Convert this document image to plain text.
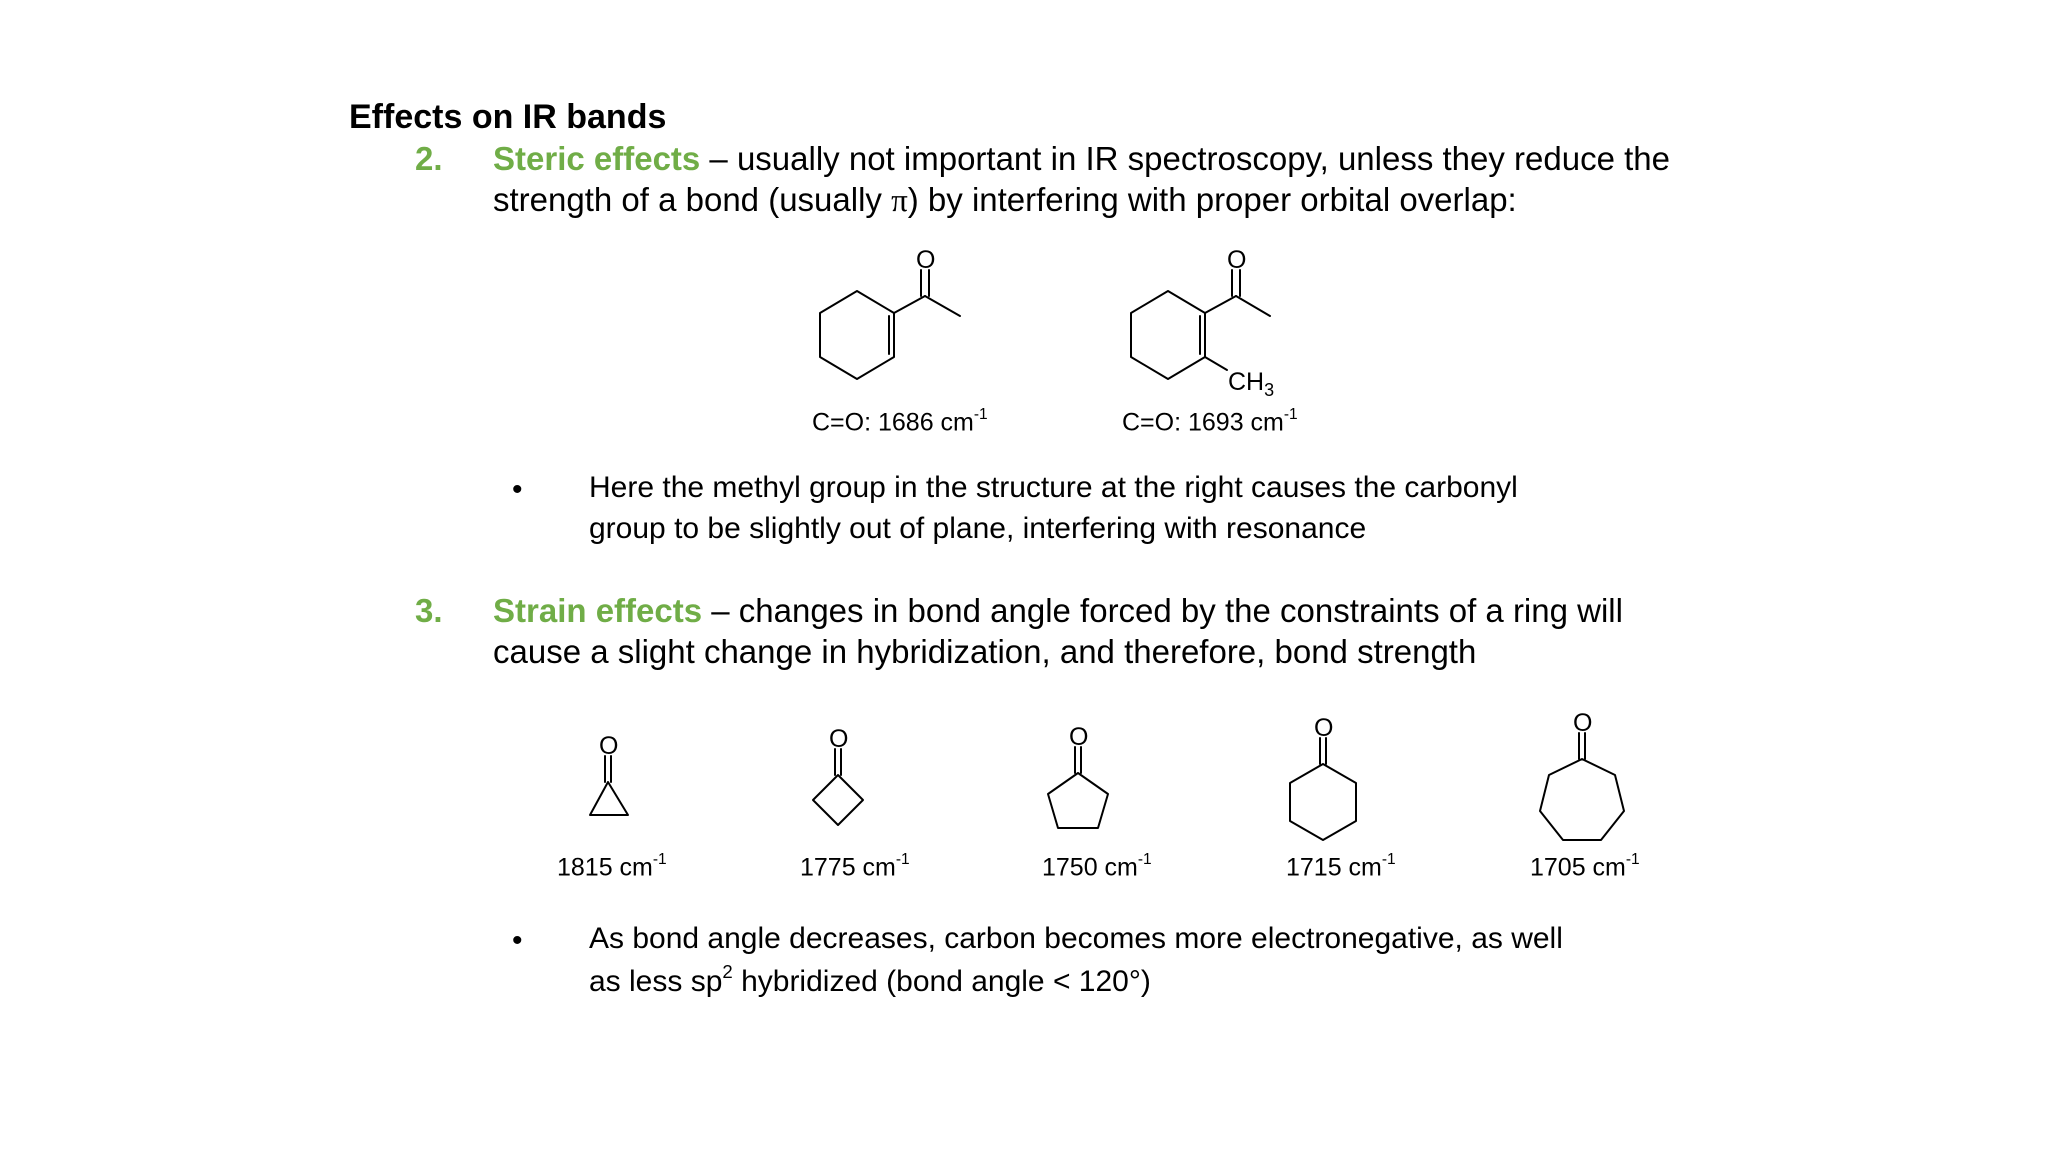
Effects on IR bands
2. Steric effects – usually not important in IR spectroscopy, unless they reduce the
strength of a bond (usually π) by interfering with proper orbital overlap:
O
C=O: 1686 $cm^{-1}$
O
$CH_3$
C=O: 1693 $cm^{-1}$
• Here the methyl group in the structure at the right causes the carbonyl
group to be slightly out of plane, interfering with resonance
3. Strain effects – changes in bond angle forced by the constraints of a ring will
cause a slight change in hybridization, and therefore, bond strength
O
1815 $cm^{-1}$
O
1775 $cm^{-1}$
O
1750 $cm^{-1}$
O
1715 $cm^{-1}$
O
1705 $cm^{-1}$
• As bond angle decreases, carbon becomes more electronegative, as well
as less $sp^2$ hybridized (bond angle < 120°)
